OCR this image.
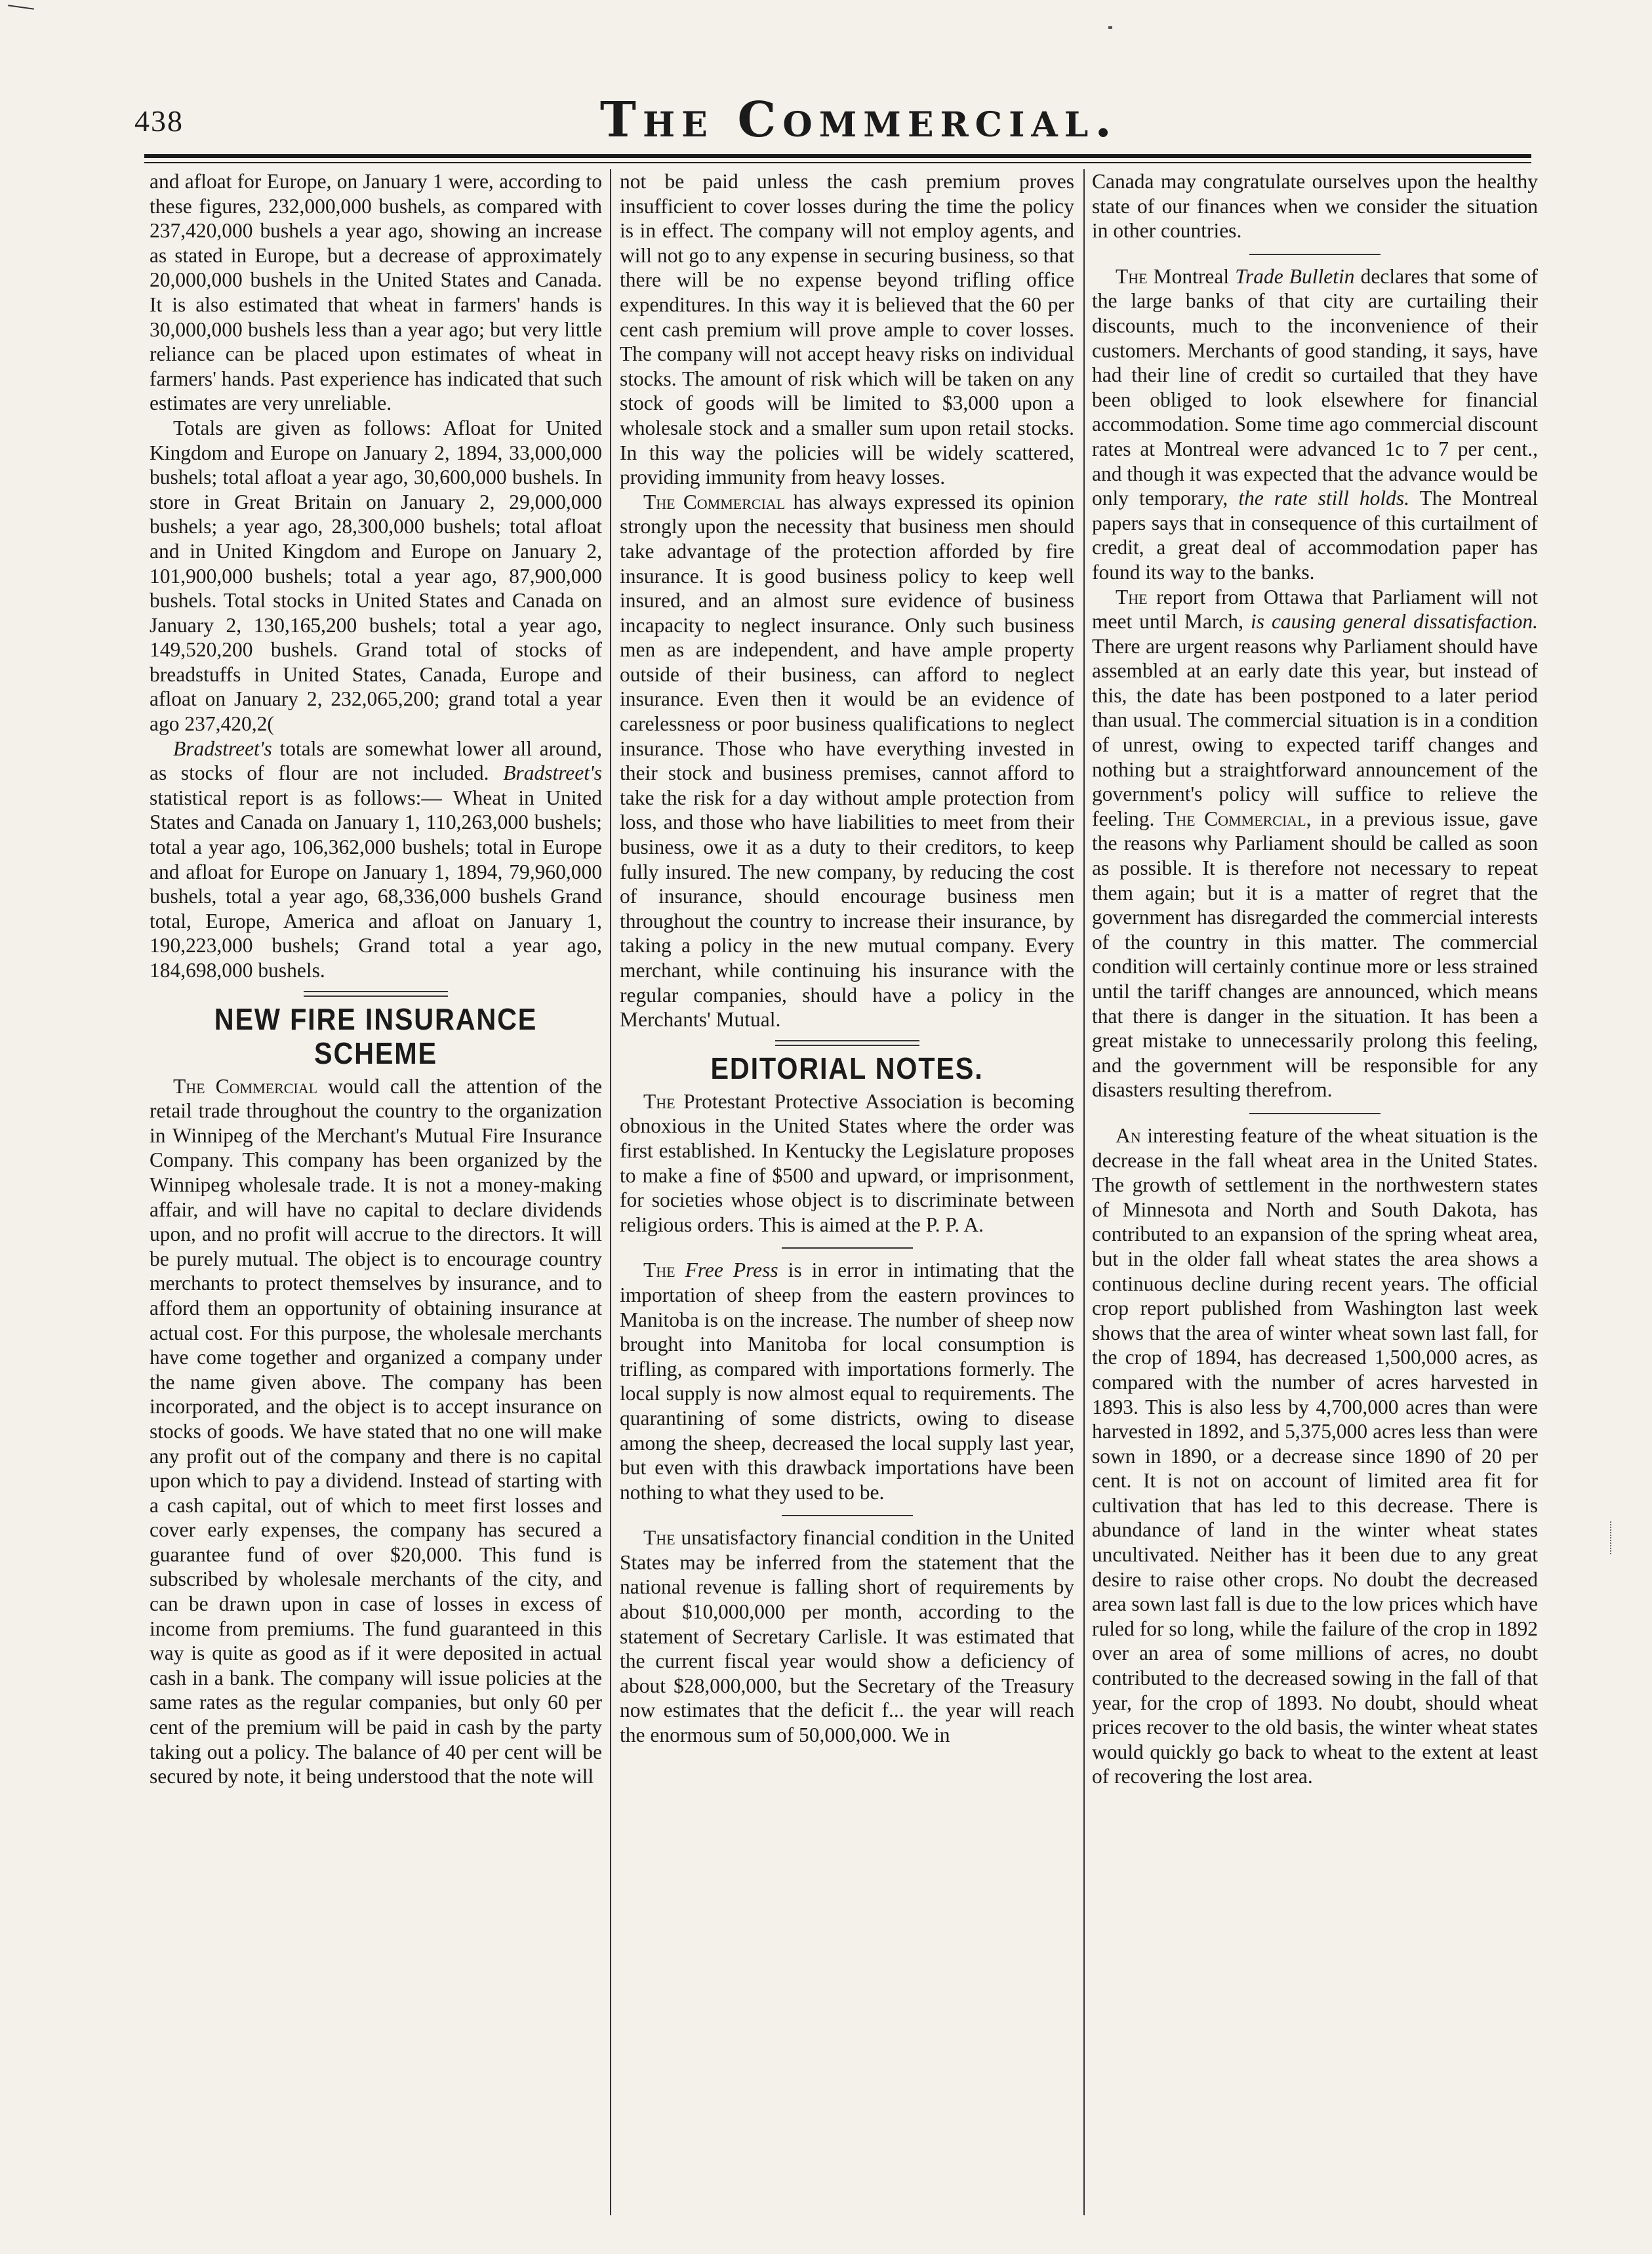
438	The Commercial.

and afloat for Europe, on January 1 were, according to these figures, 232,000,000 bushels, as compared with 237,420,000 bushels a year ago, showing an increase as stated in Europe, but a decrease of approximately 20,000,000 bushels in the United States and Canada. It is also estimated that wheat in farmers' hands is 30,000,000 bushels less than a year ago; but very little reliance can be placed upon estimates of wheat in farmers' hands. Past experience has indicated that such estimates are very unreliable.

Totals are given as follows: Afloat for United Kingdom and Europe on January 2, 1894, 33,000,000 bushels; total afloat a year ago, 30,600,000 bushels. In store in Great Britain on January 2, 29,000,000 bushels; a year ago, 28,300,000 bushels; total afloat and in United Kingdom and Europe on January 2, 101,900,000 bushels; total a year ago, 87,900,000 bushels. Total stocks in United States and Canada on January 2, 130,165,200 bushels; total a year ago, 149,520,200 bushels. Grand total of stocks of breadstuffs in United States, Canada, Europe and afloat on January 2, 232,065,200; grand total a year ago 237,420,2(

Bradstreet's totals are somewhat lower all around, as stocks of flour are not included. Bradstreet's statistical report is as follows:— Wheat in United States and Canada on January 1, 110,263,000 bushels; total a year ago, 106,362,000 bushels; total in Europe and afloat for Europe on January 1, 1894, 79,960,000 bushels, total a year ago, 68,336,000 bushels Grand total, Europe, America and afloat on January 1, 190,223,000 bushels; Grand total a year ago, 184,698,000 bushels.

NEW FIRE INSURANCE SCHEME

The Commercial would call the attention of the retail trade throughout the country to the organization in Winnipeg of the Merchant's Mutual Fire Insurance Company. This company has been organized by the Winnipeg wholesale trade. It is not a money-making affair, and will have no capital to declare dividends upon, and no profit will accrue to the directors. It will be purely mutual. The object is to encourage country merchants to protect themselves by insurance, and to afford them an opportunity of obtaining insurance at actual cost. For this purpose, the wholesale merchants have come together and organized a company under the name given above. The company has been incorporated, and the object is to accept insurance on stocks of goods. We have stated that no one will make any profit out of the company and there is no capital upon which to pay a dividend. Instead of starting with a cash capital, out of which to meet first losses and cover early expenses, the company has secured a guarantee fund of over $20,000. This fund is subscribed by wholesale merchants of the city, and can be drawn upon in case of losses in excess of income from premiums. The fund guaranteed in this way is quite as good as if it were deposited in actual cash in a bank. The company will issue policies at the same rates as the regular companies, but only 60 per cent of the premium will be paid in cash by the party taking out a policy. The balance of 40 per cent will be secured by note, it being understood that the note will

not be paid unless the cash premium proves insufficient to cover losses during the time the policy is in effect. The company will not employ agents, and will not go to any expense in securing business, so that there will be no expense beyond trifling office expenditures. In this way it is believed that the 60 per cent cash premium will prove ample to cover losses. The company will not accept heavy risks on individual stocks. The amount of risk which will be taken on any stock of goods will be limited to $3,000 upon a wholesale stock and a smaller sum upon retail stocks. In this way the policies will be widely scattered, providing immunity from heavy losses.

The Commercial has always expressed its opinion strongly upon the necessity that business men should take advantage of the protection afforded by fire insurance. It is good business policy to keep well insured, and an almost sure evidence of business incapacity to neglect insurance. Only such business men as are independent, and have ample property outside of their business, can afford to neglect insurance. Even then it would be an evidence of carelessness or poor business qualifications to neglect insurance. Those who have everything invested in their stock and business premises, cannot afford to take the risk for a day without ample protection from loss, and those who have liabilities to meet from their business, owe it as a duty to their creditors, to keep fully insured. The new company, by reducing the cost of insurance, should encourage business men throughout the country to increase their insurance, by taking a policy in the new mutual company. Every merchant, while continuing his insurance with the regular companies, should have a policy in the Merchants' Mutual.

EDITORIAL NOTES.

The Protestant Protective Association is becoming obnoxious in the United States where the order was first established. In Kentucky the Legislature proposes to make a fine of $500 and upward, or imprisonment, for societies whose object is to discriminate between religious orders. This is aimed at the P. P. A.

The Free Press is in error in intimating that the importation of sheep from the eastern provinces to Manitoba is on the increase. The number of sheep now brought into Manitoba for local consumption is trifling, as compared with importations formerly. The local supply is now almost equal to requirements. The quarantining of some districts, owing to disease among the sheep, decreased the local supply last year, but even with this drawback importations have been nothing to what they used to be.

The unsatisfactory financial condition in the United States may be inferred from the statement that the national revenue is falling short of requirements by about $10,000,000 per month, according to the statement of Secretary Carlisle. It was estimated that the current fiscal year would show a deficiency of about $28,000,000, but the Secretary of the Treasury now estimates that the deficit f... the year will reach the enormous sum of 50,000,000. We in

Canada may congratulate ourselves upon the healthy state of our finances when we consider the situation in other countries.

The Montreal Trade Bulletin declares that some of the large banks of that city are curtailing their discounts, much to the inconvenience of their customers. Merchants of good standing, it says, have had their line of credit so curtailed that they have been obliged to look elsewhere for financial accommodation. Some time ago commercial discount rates at Montreal were advanced 1c to 7 per cent., and though it was expected that the advance would be only temporary, the rate still holds. The Montreal papers says that in consequence of this curtailment of credit, a great deal of accommodation paper has found its way to the banks.

The report from Ottawa that Parliament will not meet until March, is causing general dissatisfaction. There are urgent reasons why Parliament should have assembled at an early date this year, but instead of this, the date has been postponed to a later period than usual. The commercial situation is in a condition of unrest, owing to expected tariff changes and nothing but a straightforward announcement of the government's policy will suffice to relieve the feeling. The Commercial, in a previous issue, gave the reasons why Parliament should be called as soon as possible. It is therefore not necessary to repeat them again; but it is a matter of regret that the government has disregarded the commercial interests of the country in this matter. The commercial condition will certainly continue more or less strained until the tariff changes are announced, which means that there is danger in the situation. It has been a great mistake to unnecessarily prolong this feeling, and the government will be responsible for any disasters resulting therefrom.

An interesting feature of the wheat situation is the decrease in the fall wheat area in the United States. The growth of settlement in the northwestern states of Minnesota and North and South Dakota, has contributed to an expansion of the spring wheat area, but in the older fall wheat states the area shows a continuous decline during recent years. The official crop report published from Washington last week shows that the area of winter wheat sown last fall, for the crop of 1894, has decreased 1,500,000 acres, as compared with the number of acres harvested in 1893. This is also less by 4,700,000 acres than were harvested in 1892, and 5,375,000 acres less than were sown in 1890, or a decrease since 1890 of 20 per cent. It is not on account of limited area fit for cultivation that has led to this decrease. There is abundance of land in the winter wheat states uncultivated. Neither has it been due to any great desire to raise other crops. No doubt the decreased area sown last fall is due to the low prices which have ruled for so long, while the failure of the crop in 1892 over an area of some millions of acres, no doubt contributed to the decreased sowing in the fall of that year, for the crop of 1893. No doubt, should wheat prices recover to the old basis, the winter wheat states would quickly go back to wheat to the extent at least of recovering the lost area.
